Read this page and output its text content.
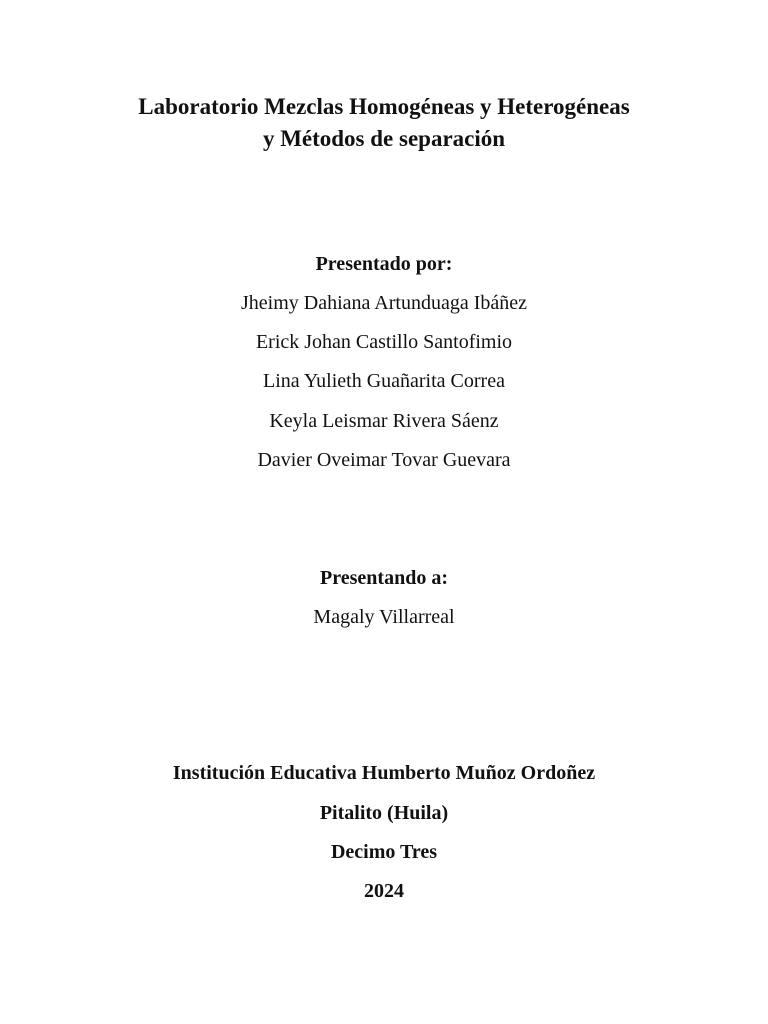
Laboratorio Mezclas Homogéneas y Heterogéneas
y Métodos de separación
Presentado por:
Jheimy Dahiana Artunduaga Ibáñez
Erick Johan Castillo Santofimio
Lina Yulieth Guañarita Correa
Keyla Leismar Rivera Sáenz
Davier Oveimar Tovar Guevara
Presentando a:
Magaly Villarreal
Institución Educativa Humberto Muñoz Ordoñez
Pitalito (Huila)
Decimo Tres
2024
